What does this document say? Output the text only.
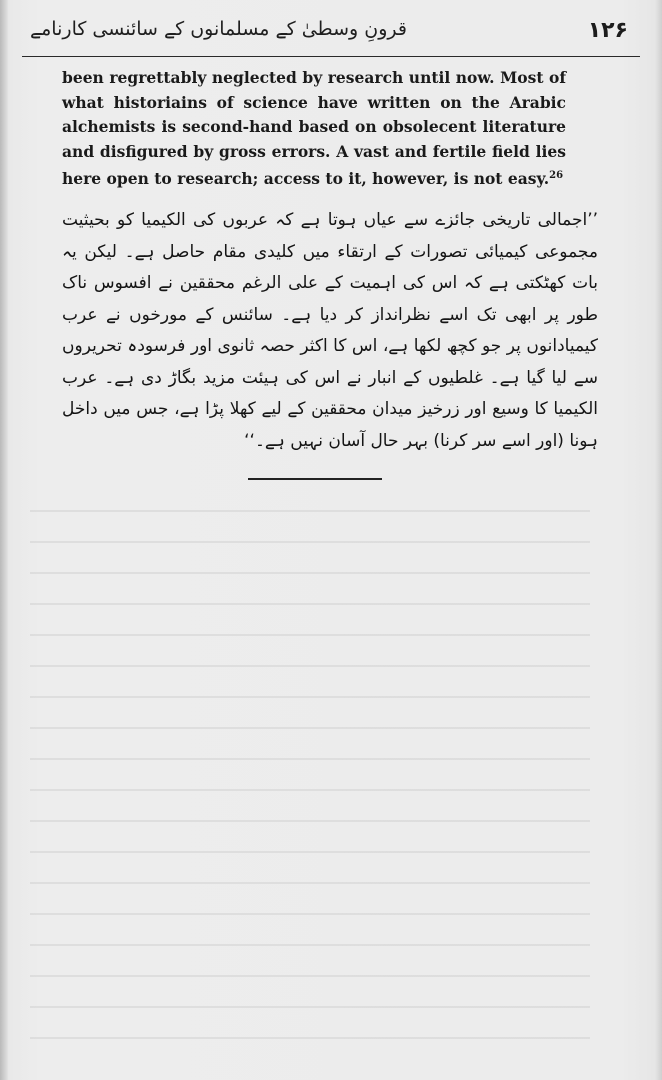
قرونِ وسطیٰ کے مسلمانوں کے سائنسی کارنامے	۱۲۶

been regrettably neglected by research until now. Most of what historiains of science have written on the Arabic alchemists is second-hand based on obsolecent literature and disfigured by gross errors. A vast and fertile field lies here open to research; access to it, however, is not easy.$^{26}$

’’اجمالی تاریخی جائزے سے عیاں ہوتا ہے کہ عربوں کی الکیمیا کو بحیثیت مجموعی کیمیائی تصورات کے ارتقاء میں کلیدی مقام حاصل ہے۔ لیکن یہ بات کھٹکتی ہے کہ اس کی اہمیت کے علی الرغم محققین نے افسوس ناک طور پر ابھی تک اسے نظرانداز کر دیا ہے۔ سائنس کے مورخوں نے عرب کیمیادانوں پر جو کچھ لکھا ہے، اس کا اکثر حصہ ثانوی اور فرسودہ تحریروں سے لیا گیا ہے۔ غلطیوں کے انبار نے اس کی ہیئت مزید بگاڑ دی ہے۔ عرب الکیمیا کا وسیع اور زرخیز میدان محققین کے لیے کھلا پڑا ہے، جس میں داخل ہونا (اور اسے سر کرنا) بہر حال آسان نہیں ہے۔‘‘
